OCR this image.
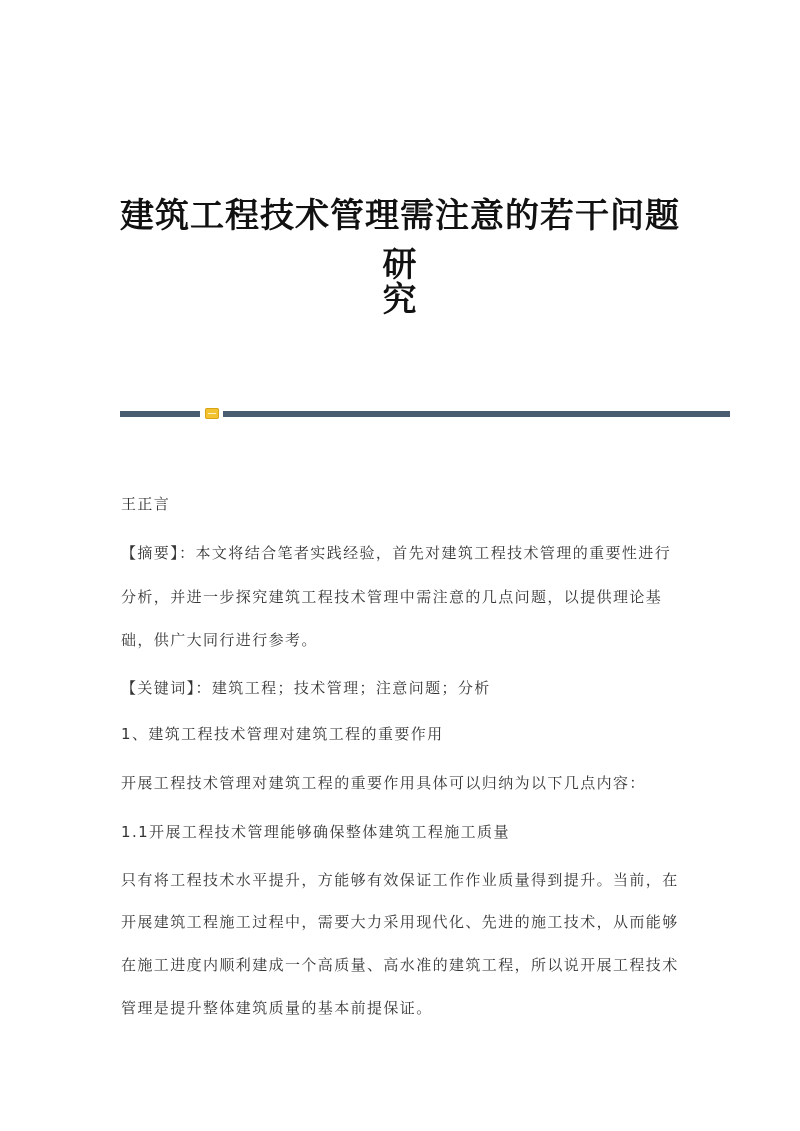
建筑工程技术管理需注意的若干问题研
究
王正言
【摘要】：本文将结合笔者实践经验，首先对建筑工程技术管理的重要性进行
分析，并进一步探究建筑工程技术管理中需注意的几点问题，以提供理论基
础，供广大同行进行参考。
【关键词】：建筑工程；技术管理；注意问题；分析
1、建筑工程技术管理对建筑工程的重要作用
开展工程技术管理对建筑工程的重要作用具体可以归纳为以下几点内容：
1.1开展工程技术管理能够确保整体建筑工程施工质量
只有将工程技术水平提升，方能够有效保证工作作业质量得到提升。当前，在
开展建筑工程施工过程中，需要大力采用现代化、先进的施工技术，从而能够
在施工进度内顺利建成一个高质量、高水准的建筑工程，所以说开展工程技术
管理是提升整体建筑质量的基本前提保证。
